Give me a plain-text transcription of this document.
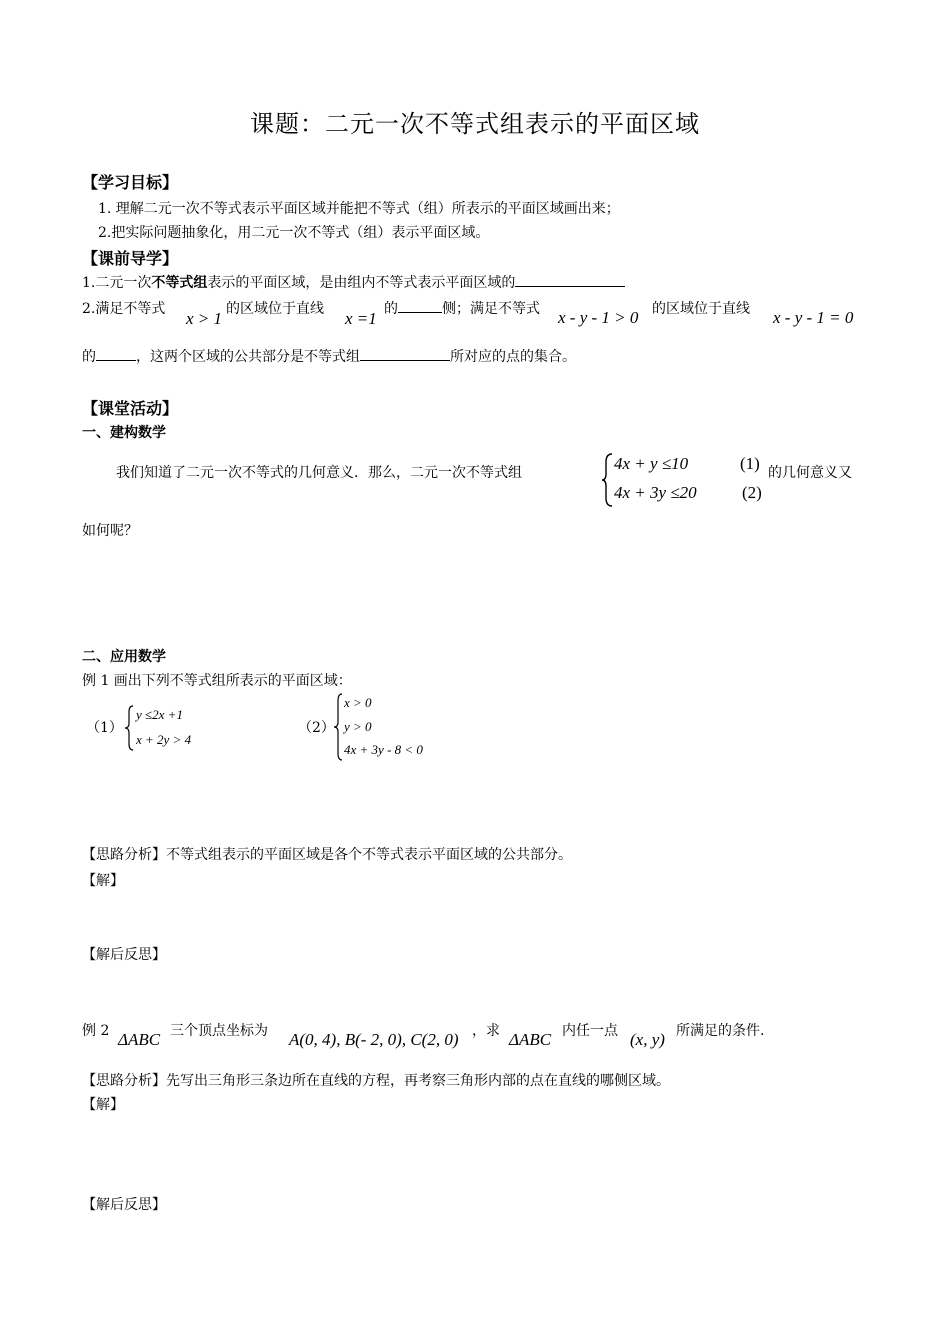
课题：二元一次不等式组表示的平面区域
【学习目标】
1. 理解二元一次不等式表示平面区域并能把不等式（组）所表示的平面区域画出来；
2.把实际问题抽象化，用二元一次不等式（组）表示平面区域。
【课前导学】
1.二元一次不等式组表示的平面区域，是由组内不等式表示平面区域的
2.满足不等式 x > 1 的区域位于直线 x =1 的	侧；满足不等式 x - y - 1 > 0 的区域位于直线 x - y - 1 = 0
的	，这两个区域的公共部分是不等式组	所对应的点的集合。
【课堂活动】
一、建构数学
我们知道了二元一次不等式的几何意义．那么，二元一次不等式组	4x + y ≤10	(1)
4x + 3y ≤20	(2)
的几何意义又
如何呢？
二、应用数学
例 1 画出下列不等式组所表示的平面区域：
（1）
y ≤2x +1
x + 2y > 4
（2）
x > 0
y > 0
4x + 3y - 8 < 0
【思路分析】不等式组表示的平面区域是各个不等式表示平面区域的公共部分。
【解】
【解后反思】
例 2 ΔABC 三个顶点坐标为 A(0, 4), B(- 2, 0), C(2, 0) ，求 ΔABC 内任一点 (x, y) 所满足的条件.
【思路分析】先写出三角形三条边所在直线的方程，再考察三角形内部的点在直线的哪侧区域。
【解】
【解后反思】
